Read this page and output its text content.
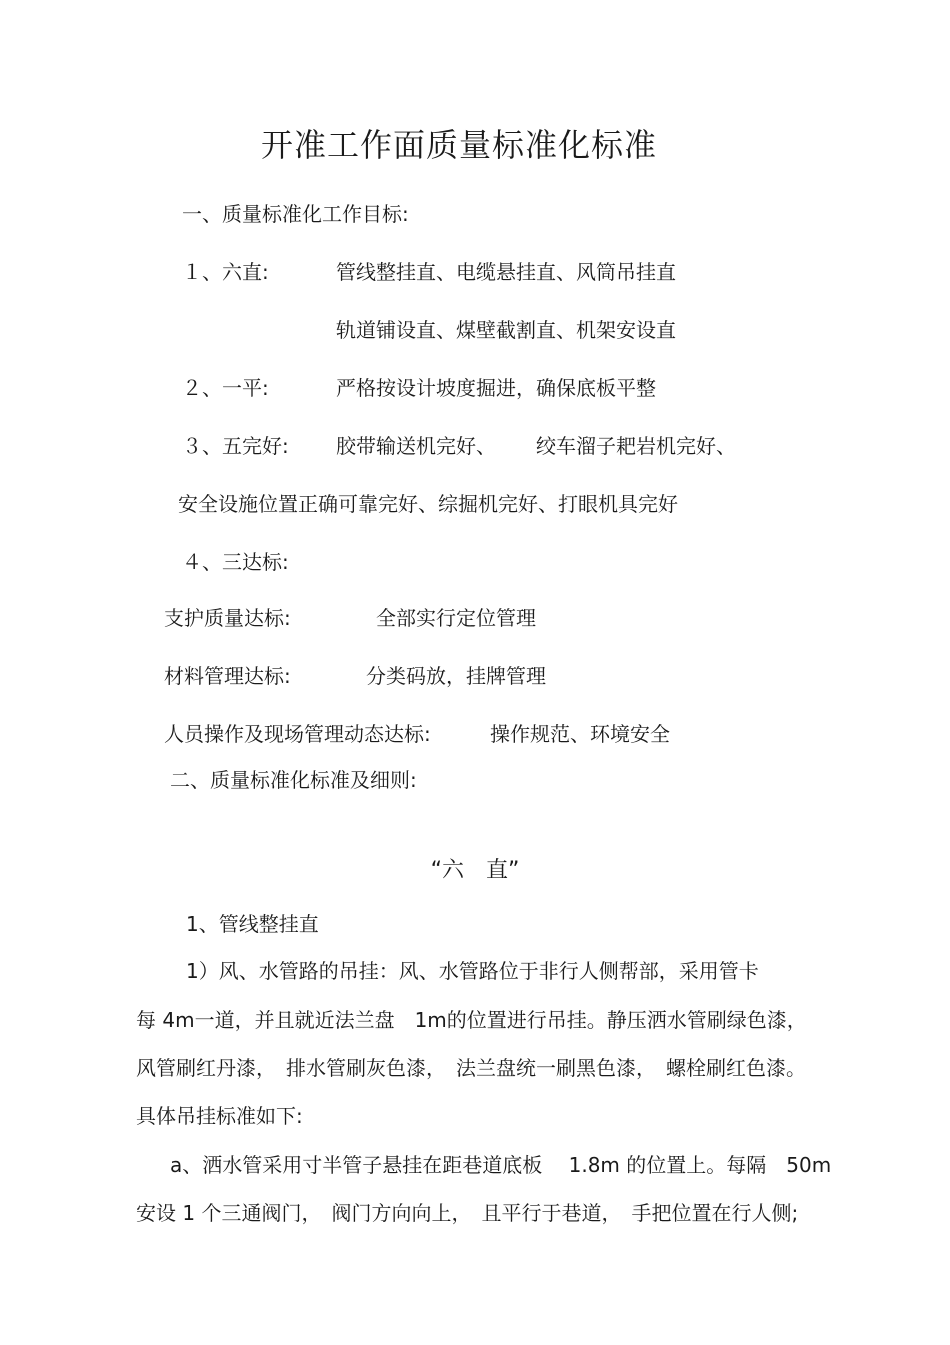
开准工作面质量标准化标准
一、质量标准化工作目标:
１、六直:	管线整挂直、电缆悬挂直、风筒吊挂直
轨道铺设直、煤壁截割直、机架安设直
２、一平:	严格按设计坡度掘进，确保底板平整
３、五完好: 胶带输送机完好、 绞车溜子耙岩机完好、
安全设施位置正确可靠完好、综掘机完好、打眼机具完好
４、三达标:
支护质量达标:	全部实行定位管理
材料管理达标:	分类码放，挂牌管理
人员操作及现场管理动态达标:	操作规范、环境安全
二、质量标准化标准及细则:
“六　直”
1、管线整挂直
1）风、水管路的吊挂：风、水管路位于非行人侧帮部，采用管卡
每 4m一道，并且就近法兰盘　1m的位置进行吊挂。静压洒水管刷绿色漆，
风管刷红丹漆，　排水管刷灰色漆，　法兰盘统一刷黑色漆，　螺栓刷红色漆。
具体吊挂标准如下:
a、洒水管采用寸半管子悬挂在距巷道底板　 1.8m 的位置上。每隔　50m
安设 1 个三通阀门，　阀门方向向上，　且平行于巷道，　手把位置在行人侧;
